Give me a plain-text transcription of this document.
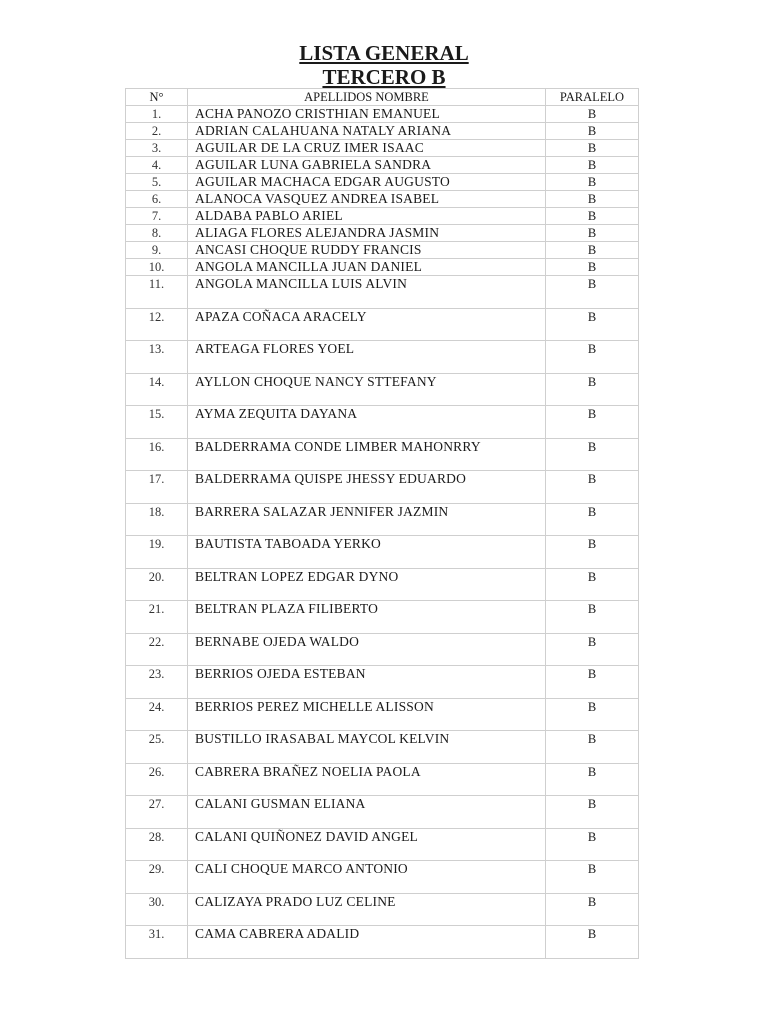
LISTA GENERAL
TERCERO B
N°	APELLIDOS NOMBRE	PARALELO
1.	ACHA PANOZO CRISTHIAN EMANUEL	B
2.	ADRIAN CALAHUANA NATALY ARIANA	B
3.	AGUILAR DE LA CRUZ IMER ISAAC	B
4.	AGUILAR LUNA GABRIELA SANDRA	B
5.	AGUILAR MACHACA EDGAR AUGUSTO	B
6.	ALANOCA VASQUEZ ANDREA ISABEL	B
7.	ALDABA PABLO ARIEL	B
8.	ALIAGA FLORES ALEJANDRA JASMIN	B
9.	ANCASI CHOQUE RUDDY FRANCIS	B
10.	ANGOLA MANCILLA JUAN DANIEL	B
11.	ANGOLA MANCILLA LUIS ALVIN	B
12.	APAZA COÑACA ARACELY	B
13.	ARTEAGA FLORES YOEL	B
14.	AYLLON CHOQUE NANCY STTEFANY	B
15.	AYMA ZEQUITA DAYANA	B
16.	BALDERRAMA CONDE LIMBER MAHONRRY	B
17.	BALDERRAMA QUISPE JHESSY EDUARDO	B
18.	BARRERA SALAZAR JENNIFER JAZMIN	B
19.	BAUTISTA TABOADA YERKO	B
20.	BELTRAN LOPEZ EDGAR DYNO	B
21.	BELTRAN PLAZA FILIBERTO	B
22.	BERNABE OJEDA WALDO	B
23.	BERRIOS OJEDA ESTEBAN	B
24.	BERRIOS PEREZ MICHELLE ALISSON	B
25.	BUSTILLO IRASABAL MAYCOL KELVIN	B
26.	CABRERA BRAÑEZ NOELIA PAOLA	B
27.	CALANI GUSMAN ELIANA	B
28.	CALANI QUIÑONEZ DAVID ANGEL	B
29.	CALI CHOQUE MARCO ANTONIO	B
30.	CALIZAYA PRADO LUZ CELINE	B
31.	CAMA CABRERA ADALID	B
